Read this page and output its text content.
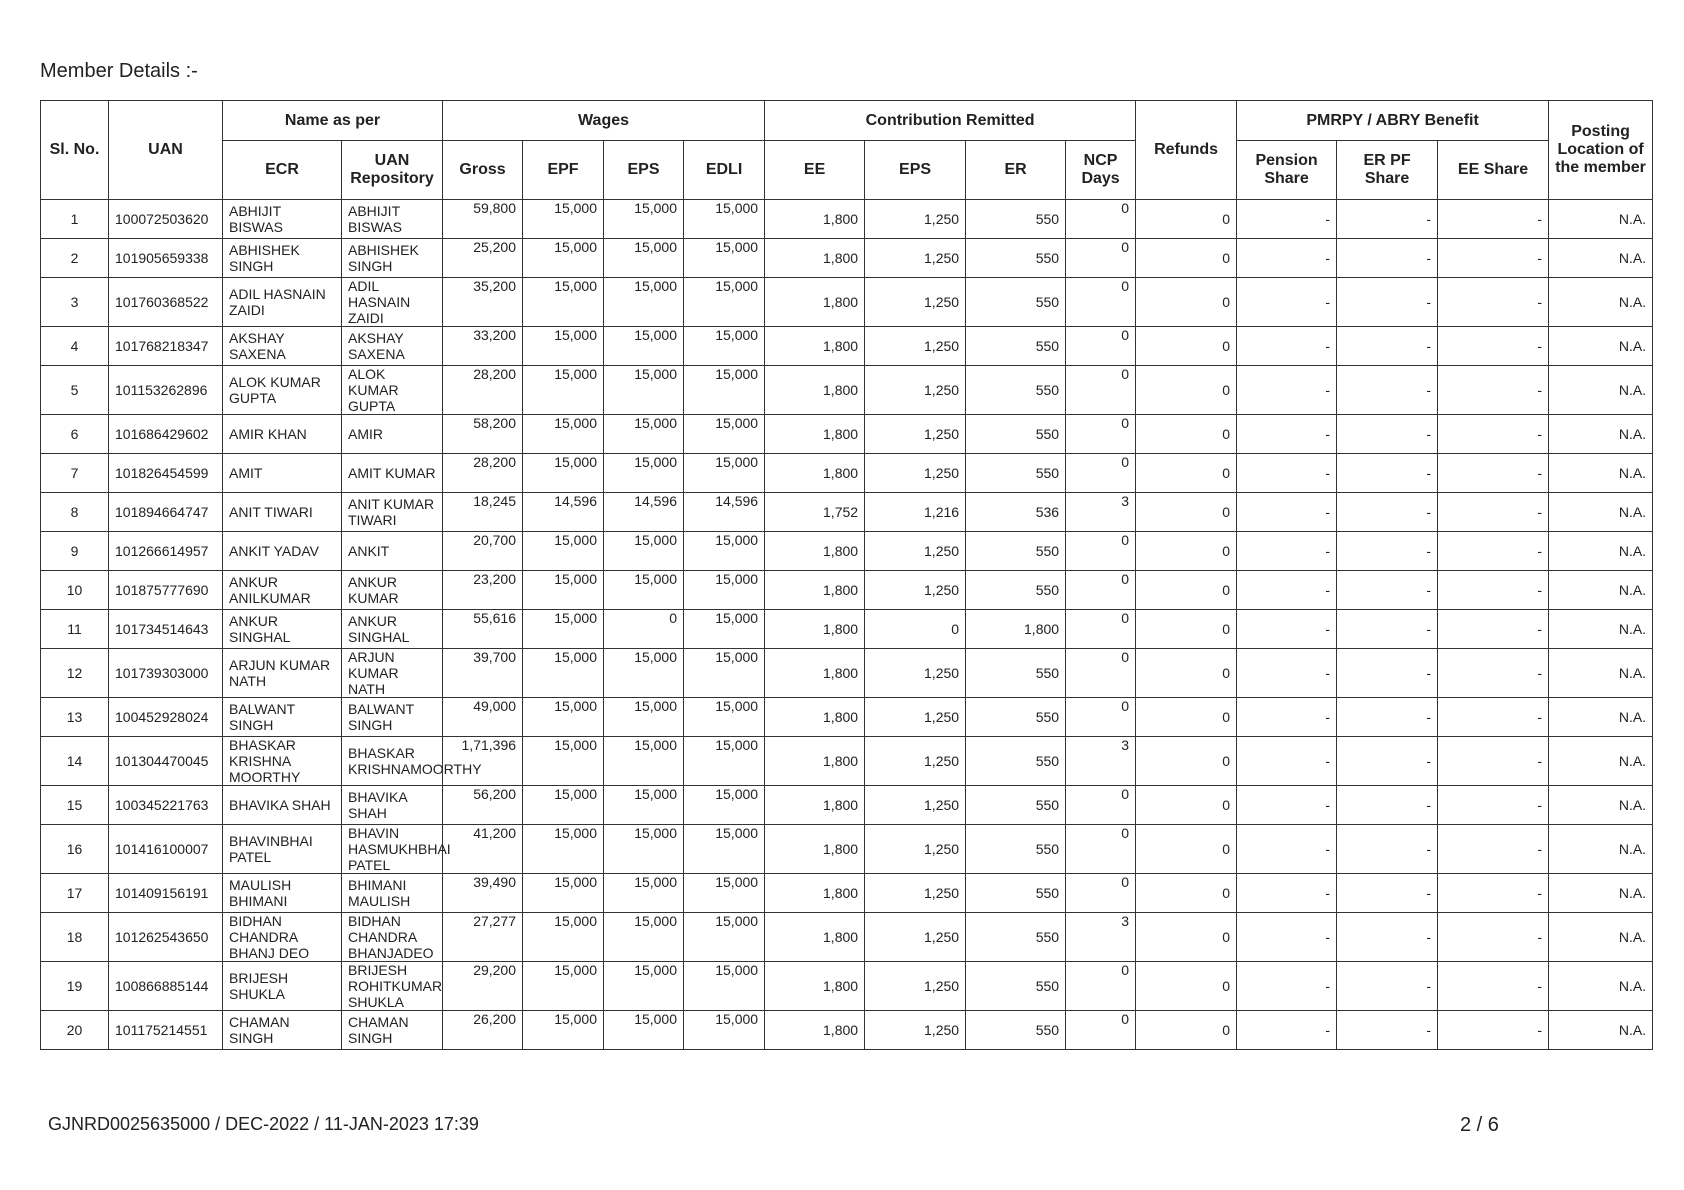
Member Details :-
Sl. No.	UAN	Name as per		Wages				Contribution Remitted				Refunds	PMRPY / ABRY Benefit			Posting Location of the member
		ECR	UAN Repository	Gross	EPF	EPS	EDLI	EE	EPS	ER	NCP Days		Pension Share	ER PF Share	EE Share	
1	100072503620	ABHIJIT BISWAS	ABHIJIT BISWAS	59,800	15,000	15,000	15,000	1,800	1,250	550	0	0	-	-	-	N.A.
2	101905659338	ABHISHEK SINGH	ABHISHEK SINGH	25,200	15,000	15,000	15,000	1,800	1,250	550	0	0	-	-	-	N.A.
3	101760368522	ADIL HASNAIN ZAIDI	ADIL HASNAIN ZAIDI	35,200	15,000	15,000	15,000	1,800	1,250	550	0	0	-	-	-	N.A.
4	101768218347	AKSHAY SAXENA	AKSHAY SAXENA	33,200	15,000	15,000	15,000	1,800	1,250	550	0	0	-	-	-	N.A.
5	101153262896	ALOK KUMAR GUPTA	ALOK KUMAR GUPTA	28,200	15,000	15,000	15,000	1,800	1,250	550	0	0	-	-	-	N.A.
6	101686429602	AMIR KHAN	AMIR	58,200	15,000	15,000	15,000	1,800	1,250	550	0	0	-	-	-	N.A.
7	101826454599	AMIT	AMIT KUMAR	28,200	15,000	15,000	15,000	1,800	1,250	550	0	0	-	-	-	N.A.
8	101894664747	ANIT TIWARI	ANIT KUMAR TIWARI	18,245	14,596	14,596	14,596	1,752	1,216	536	3	0	-	-	-	N.A.
9	101266614957	ANKIT YADAV	ANKIT	20,700	15,000	15,000	15,000	1,800	1,250	550	0	0	-	-	-	N.A.
10	101875777690	ANKUR ANILKUMAR	ANKUR KUMAR	23,200	15,000	15,000	15,000	1,800	1,250	550	0	0	-	-	-	N.A.
11	101734514643	ANKUR SINGHAL	ANKUR SINGHAL	55,616	15,000	0	15,000	1,800	0	1,800	0	0	-	-	-	N.A.
12	101739303000	ARJUN KUMAR NATH	ARJUN KUMAR NATH	39,700	15,000	15,000	15,000	1,800	1,250	550	0	0	-	-	-	N.A.
13	100452928024	BALWANT SINGH	BALWANT SINGH	49,000	15,000	15,000	15,000	1,800	1,250	550	0	0	-	-	-	N.A.
14	101304470045	BHASKAR KRISHNA MOORTHY	BHASKAR KRISHNAMOORTHY	1,71,396	15,000	15,000	15,000	1,800	1,250	550	3	0	-	-	-	N.A.
15	100345221763	BHAVIKA SHAH	BHAVIKA SHAH	56,200	15,000	15,000	15,000	1,800	1,250	550	0	0	-	-	-	N.A.
16	101416100007	BHAVINBHAI PATEL	BHAVIN HASMUKHBHAI PATEL	41,200	15,000	15,000	15,000	1,800	1,250	550	0	0	-	-	-	N.A.
17	101409156191	MAULISH BHIMANI	BHIMANI MAULISH	39,490	15,000	15,000	15,000	1,800	1,250	550	0	0	-	-	-	N.A.
18	101262543650	BIDHAN CHANDRA BHANJ DEO	BIDHAN CHANDRA BHANJADEO	27,277	15,000	15,000	15,000	1,800	1,250	550	3	0	-	-	-	N.A.
19	100866885144	BRIJESH SHUKLA	BRIJESH ROHITKUMAR SHUKLA	29,200	15,000	15,000	15,000	1,800	1,250	550	0	0	-	-	-	N.A.
20	101175214551	CHAMAN SINGH	CHAMAN SINGH	26,200	15,000	15,000	15,000	1,800	1,250	550	0	0	-	-	-	N.A.
GJNRD0025635000 / DEC-2022 / 11-JAN-2023 17:39	2 / 6
